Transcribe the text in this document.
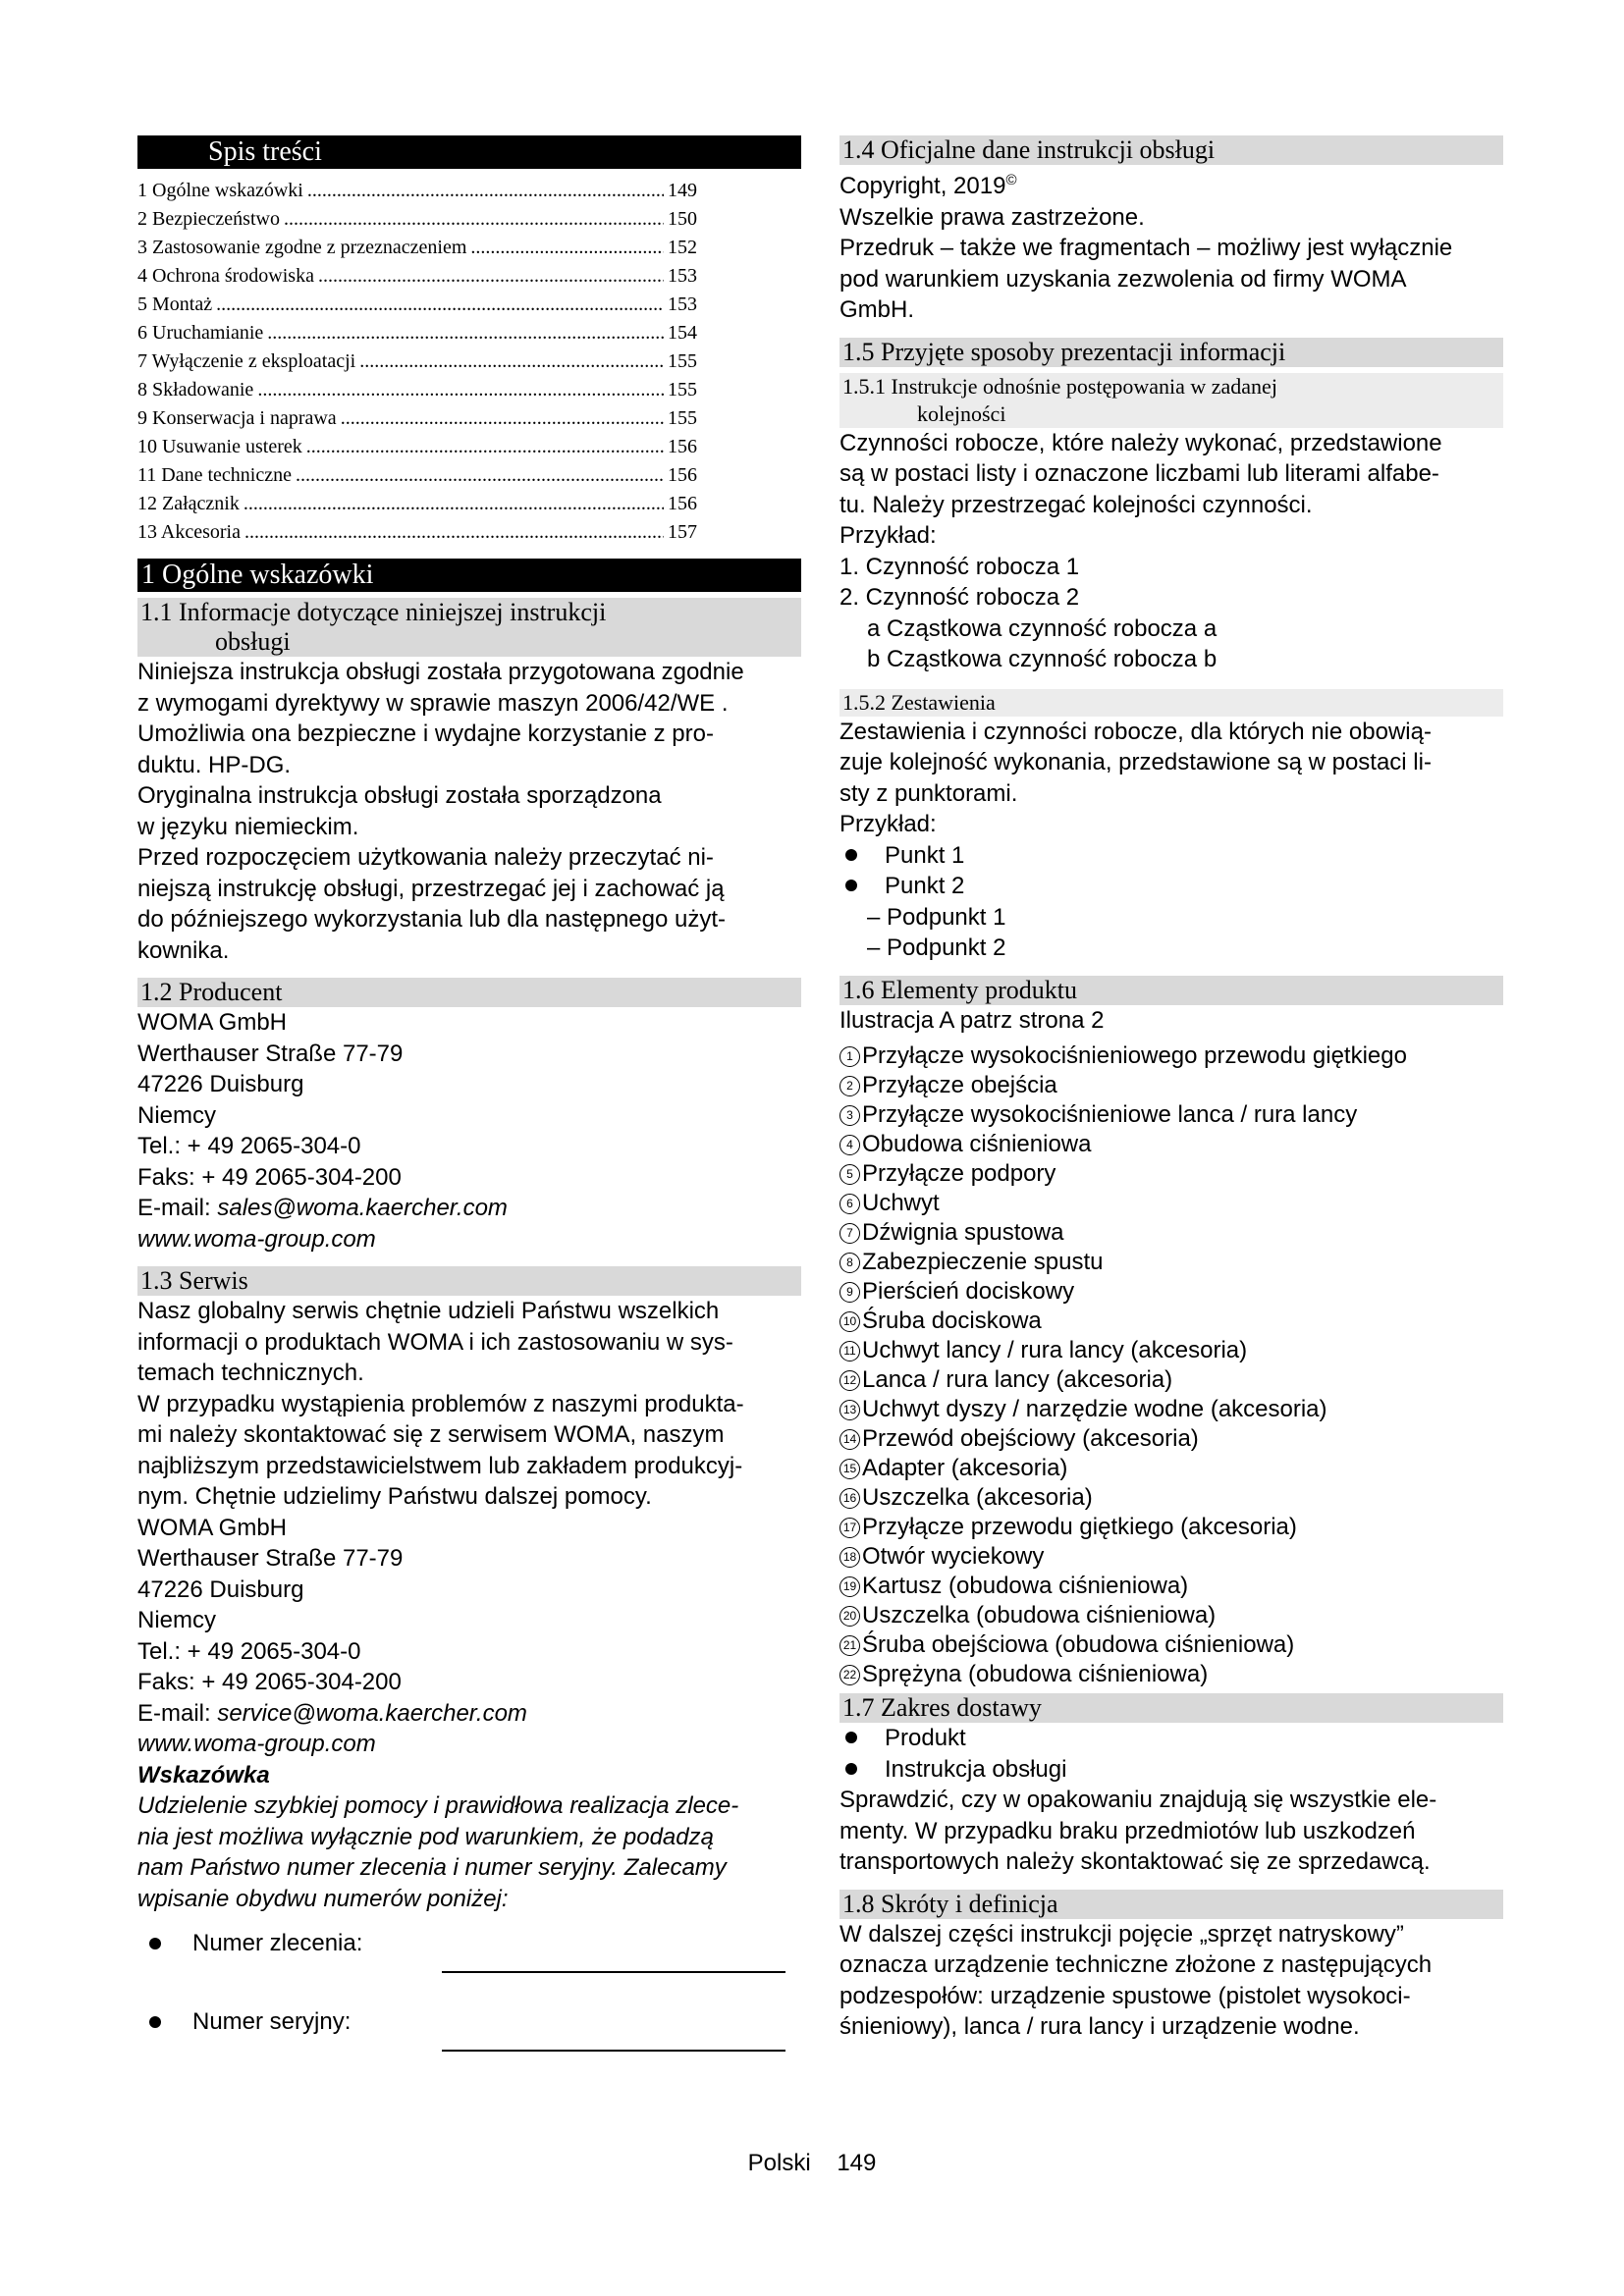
Spis treści
1 Ogólne wskazówki .....	149
2 Bezpieczeństwo .....	150
3 Zastosowanie zgodne z przeznaczeniem .....	152
4 Ochrona środowiska .....	153
5 Montaż .....	153
6 Uruchamianie .....	154
7 Wyłączenie z eksploatacji .....	155
8 Składowanie .....	155
9 Konserwacja i naprawa .....	155
10 Usuwanie usterek .....	156
11 Dane techniczne .....	156
12 Załącznik .....	156
13 Akcesoria .....	157
1 Ogólne wskazówki
1.1 Informacje dotyczące niniejszej instrukcji
obsługi
Niniejsza instrukcja obsługi została przygotowana zgodnie
z wymogami dyrektywy w sprawie maszyn 2006/42/WE .
Umożliwia ona bezpieczne i wydajne korzystanie z pro-
duktu. HP-DG.
Oryginalna instrukcja obsługi została sporządzona
w języku niemieckim.
Przed rozpoczęciem użytkowania należy przeczytać ni-
niejszą instrukcję obsługi, przestrzegać jej i zachować ją
do późniejszego wykorzystania lub dla następnego użyt-
kownika.
1.2 Producent
WOMA GmbH
Werthauser Straße 77-79
47226 Duisburg
Niemcy
Tel.: + 49 2065-304-0
Faks: + 49 2065-304-200
E-mail: sales@woma.kaercher.com
www.woma-group.com
1.3 Serwis
Nasz globalny serwis chętnie udzieli Państwu wszelkich
informacji o produktach WOMA i ich zastosowaniu w sys-
temach technicznych.
W przypadku wystąpienia problemów z naszymi produkta-
mi należy skontaktować się z serwisem WOMA, naszym
najbliższym przedstawicielstwem lub zakładem produkcyj-
nym. Chętnie udzielimy Państwu dalszej pomocy.
WOMA GmbH
Werthauser Straße 77-79
47226 Duisburg
Niemcy
Tel.: + 49 2065-304-0
Faks: + 49 2065-304-200
E-mail: service@woma.kaercher.com
www.woma-group.com
Wskazówka
Udzielenie szybkiej pomocy i prawidłowa realizacja zlece-
nia jest możliwa wyłącznie pod warunkiem, że podadzą
nam Państwo numer zlecenia i numer seryjny. Zalecamy
wpisanie obydwu numerów poniżej:
Numer zlecenia:
Numer seryjny:
1.4 Oficjalne dane instrukcji obsługi
Copyright, 2019©
Wszelkie prawa zastrzeżone.
Przedruk – także we fragmentach – możliwy jest wyłącznie
pod warunkiem uzyskania zezwolenia od firmy WOMA
GmbH.
1.5 Przyjęte sposoby prezentacji informacji
1.5.1 Instrukcje odnośnie postępowania w zadanej
kolejności
Czynności robocze, które należy wykonać, przedstawione
są w postaci listy i oznaczone liczbami lub literami alfabe-
tu. Należy przestrzegać kolejności czynności.
Przykład:
1. Czynność robocza 1
2. Czynność robocza 2
a Cząstkowa czynność robocza a
b Cząstkowa czynność robocza b
1.5.2 Zestawienia
Zestawienia i czynności robocze, dla których nie obowią-
zuje kolejność wykonania, przedstawione są w postaci li-
sty z punktorami.
Przykład:
Punkt 1
Punkt 2
– Podpunkt 1
– Podpunkt 2
1.6 Elementy produktu
Ilustracja A patrz strona 2
1 Przyłącze wysokociśnieniowego przewodu giętkiego
2 Przyłącze obejścia
3 Przyłącze wysokociśnieniowe lanca / rura lancy
4 Obudowa ciśnieniowa
5 Przyłącze podpory
6 Uchwyt
7 Dźwignia spustowa
8 Zabezpieczenie spustu
9 Pierścień dociskowy
10 Śruba dociskowa
11 Uchwyt lancy / rura lancy (akcesoria)
12 Lanca / rura lancy (akcesoria)
13 Uchwyt dyszy / narzędzie wodne (akcesoria)
14 Przewód obejściowy (akcesoria)
15 Adapter (akcesoria)
16 Uszczelka (akcesoria)
17 Przyłącze przewodu giętkiego (akcesoria)
18 Otwór wyciekowy
19 Kartusz (obudowa ciśnieniowa)
20 Uszczelka (obudowa ciśnieniowa)
21 Śruba obejściowa (obudowa ciśnieniowa)
22 Sprężyna (obudowa ciśnieniowa)
1.7 Zakres dostawy
Produkt
Instrukcja obsługi
Sprawdzić, czy w opakowaniu znajdują się wszystkie ele-
menty. W przypadku braku przedmiotów lub uszkodzeń
transportowych należy skontaktować się ze sprzedawcą.
1.8 Skróty i definicja
W dalszej części instrukcji pojęcie „sprzęt natryskowy”
oznacza urządzenie techniczne złożone z następujących
podzespołów: urządzenie spustowe (pistolet wysokoci-
śnieniowy), lanca / rura lancy i urządzenie wodne.
Polski 149
